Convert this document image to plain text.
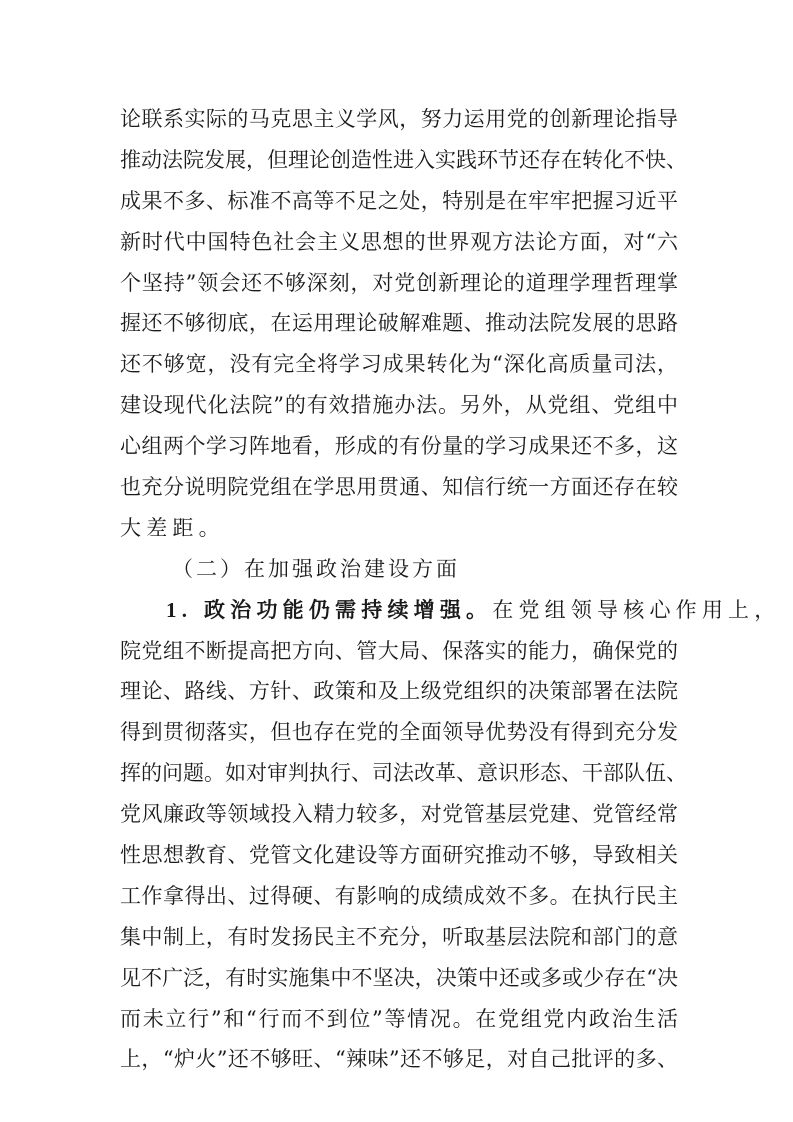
论联系实际的马克思主义学风，努力运用党的创新理论指导
推动法院发展，但理论创造性进入实践环节还存在转化不快、
成果不多、标准不高等不足之处，特别是在牢牢把握习近平
新时代中国特色社会主义思想的世界观方法论方面，对“六
个坚持”领会还不够深刻，对党创新理论的道理学理哲理掌
握还不够彻底，在运用理论破解难题、推动法院发展的思路
还不够宽，没有完全将学习成果转化为“深化高质量司法，
建设现代化法院”的有效措施办法。另外，从党组、党组中
心组两个学习阵地看，形成的有份量的学习成果还不多，这
也充分说明院党组在学思用贯通、知信行统一方面还存在较
大差距。
（二）在加强政治建设方面
1. 政治功能仍需持续增强。在党组领导核心作用上，
院党组不断提高把方向、管大局、保落实的能力，确保党的
理论、路线、方针、政策和及上级党组织的决策部署在法院
得到贯彻落实，但也存在党的全面领导优势没有得到充分发
挥的问题。如对审判执行、司法改革、意识形态、干部队伍、
党风廉政等领域投入精力较多，对党管基层党建、党管经常
性思想教育、党管文化建设等方面研究推动不够，导致相关
工作拿得出、过得硬、有影响的成绩成效不多。在执行民主
集中制上，有时发扬民主不充分，听取基层法院和部门的意
见不广泛，有时实施集中不坚决，决策中还或多或少存在“决
而未立行”和“行而不到位”等情况。在党组党内政治生活
上，“炉火”还不够旺、“辣味”还不够足，对自己批评的多、
